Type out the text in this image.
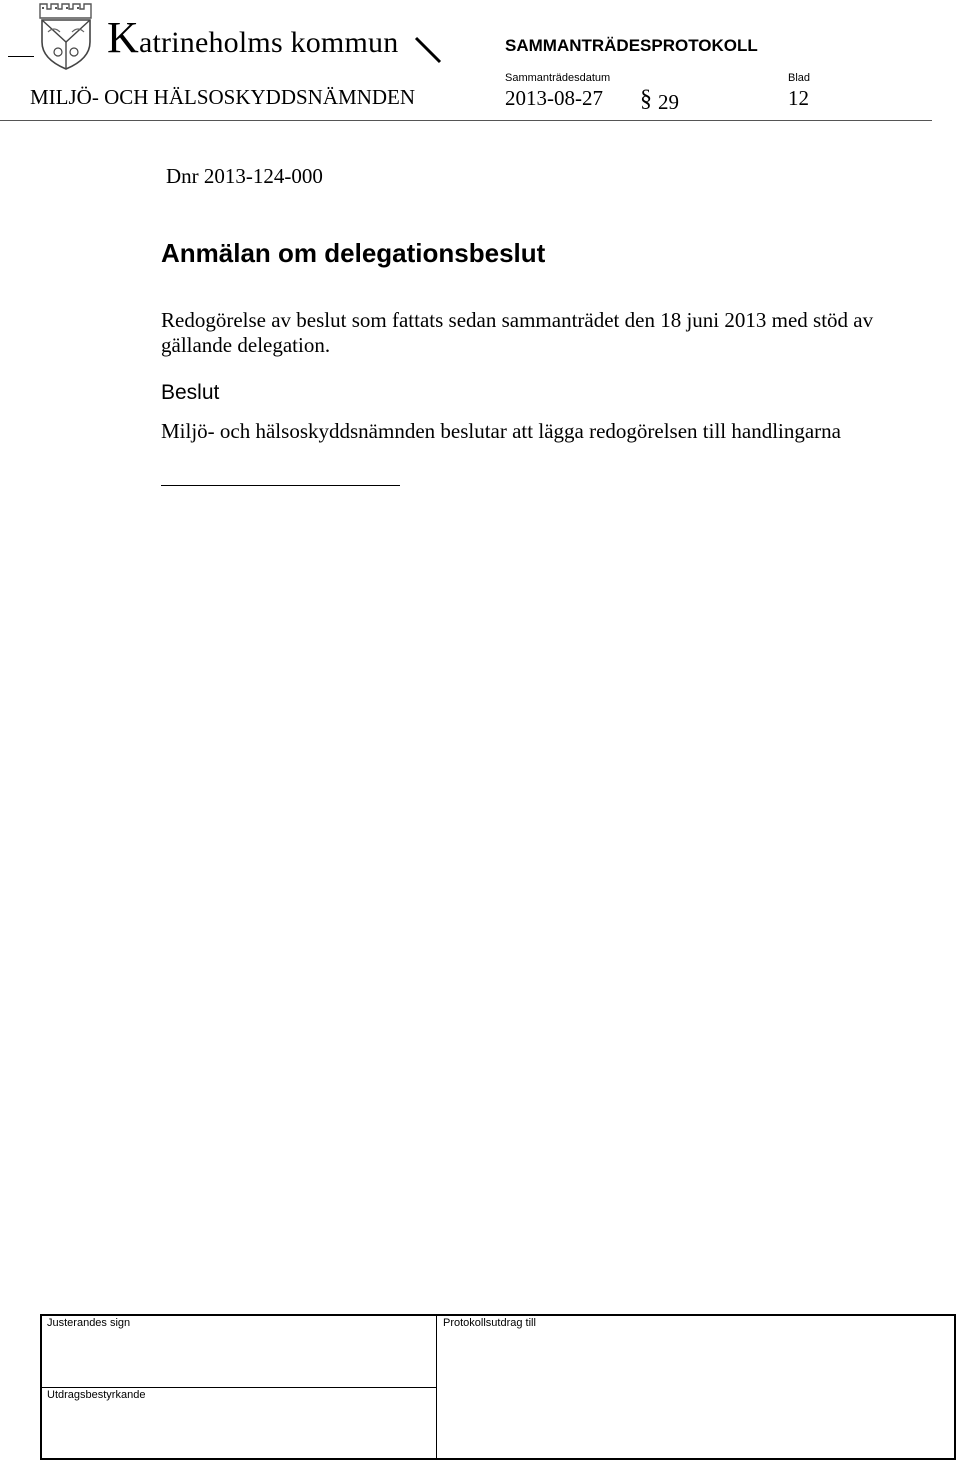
Katrineholms kommun	SAMMANTRÄDESPROTOKOLL
MILJÖ- OCH HÄLSOSKYDDSNÄMNDEN
Sammanträdesdatum
2013-08-27 § 29
Blad
12
Dnr 2013-124-000
Anmälan om delegationsbeslut
Redogörelse av beslut som fattats sedan sammanträdet den 18 juni 2013 med stöd av gällande delegation.
Beslut
Miljö- och hälsoskyddsnämnden beslutar att lägga redogörelsen till handlingarna
Justerandes sign	Protokollsutdrag till
Utdragsbestyrkande
